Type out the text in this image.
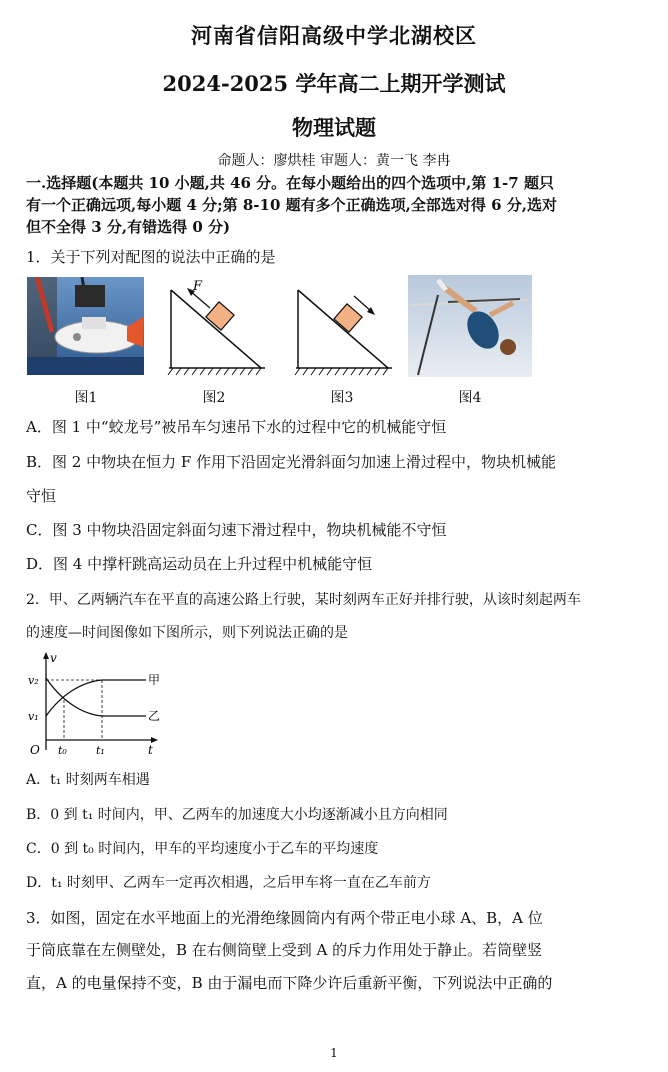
河南省信阳高级中学北湖校区
2024-2025 学年高二上期开学测试
物理试题
命题人：廖烘桂 审题人：黄一飞 李冉
一.选择题(本题共 10 小题,共 46 分。在每小题给出的四个选项中,第 1-7 题只
有一个正确远项,每小题 4 分;第 8-10 题有多个正确选项,全部选对得 6 分,选对
但不全得 3 分,有错选得 0 分)
1．关于下列对配图的说法中正确的是
图1
F
图2	图3	图4
A．图 1 中“蛟龙号”被吊车匀速吊下水的过程中它的机械能守恒
B．图 2 中物块在恒力 F 作用下沿固定光滑斜面匀加速上滑过程中，物块机械能
守恒
C．图 3 中物块沿固定斜面匀速下滑过程中，物块机械能不守恒
D．图 4 中撑杆跳高运动员在上升过程中机械能守恒
2．甲、乙两辆汽车在平直的高速公路上行驶，某时刻两车正好并排行驶，从该时刻起两车
的速度—时间图像如下图所示，则下列说法正确的是
v
t
O
v₂
v₁
甲
乙
t₀	t₁
A．t₁ 时刻两车相遇
B．0 到 t₁ 时间内，甲、乙两车的加速度大小均逐渐减小且方向相同
C．0 到 t₀ 时间内，甲车的平均速度小于乙车的平均速度
D．t₁ 时刻甲、乙两车一定再次相遇，之后甲车将一直在乙车前方
3．如图，固定在水平地面上的光滑绝缘圆筒内有两个带正电小球 A、B，A 位
于筒底靠在左侧壁处，B 在右侧筒壁上受到 A 的斥力作用处于静止。若筒壁竖
直，A 的电量保持不变，B 由于漏电而下降少许后重新平衡，下列说法中正确的
1
